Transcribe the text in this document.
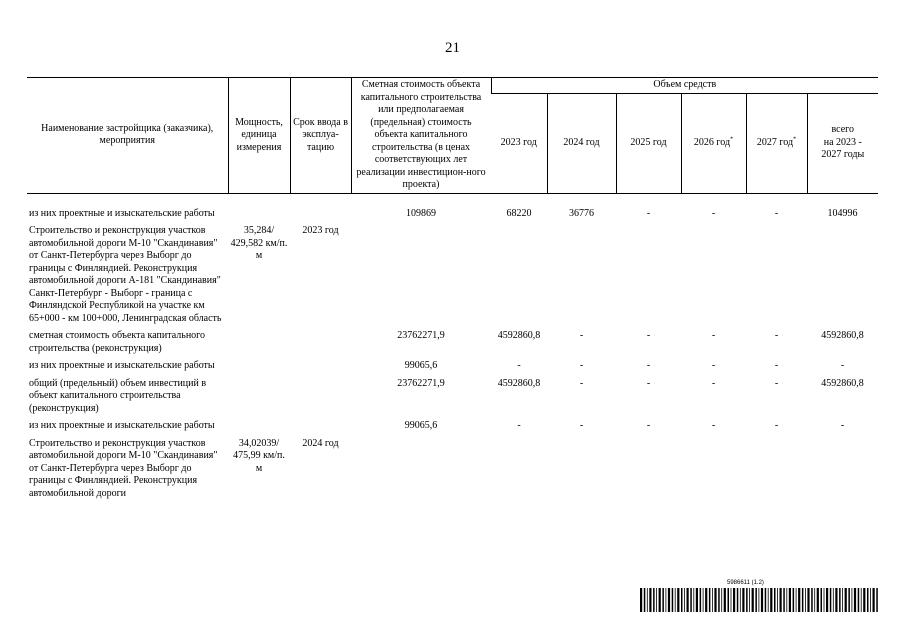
21
Наименование застройщика (заказчика), мероприятия	Мощность, единица измерения	Срок ввода в эксплуа-тацию	Сметная стоимость объекта капитального строительства или предполагаемая (предельная) стоимость объекта капитального строительства (в ценах соответствующих лет реализации инвестицион-ного проекта)	Объем средств					
				2023 год	2024 год	2025 год	2026 год*	2027 год*	всего
на 2023 -
2027 годы

из них проектные и изыскательские работы			109869	68220	36776	-	-	-	104996
Строительство и реконструкция участков автомобильной дороги М-10 "Скандинавия" от Санкт-Петербурга через Выборг до границы с Финляндией. Реконструкция автомобильной дороги А-181 "Скандинавия" Санкт-Петербург - Выборг - граница с Финляндской Республикой на участке км 65+000 - км 100+000, Ленинградская область	35,284/ 429,582 км/п. м	2023 год							
сметная стоимость объекта капитального строительства (реконструкция)			23762271,9	4592860,8	-	-	-	-	4592860,8
из них проектные и изыскательские работы			99065,6	-	-	-	-	-	-
общий (предельный) объем инвестиций в объект капитального строительства (реконструкция)			23762271,9	4592860,8	-	-	-	-	4592860,8
из них проектные и изыскательские работы			99065,6	-	-	-	-	-	-
Строительство и реконструкция участков автомобильной дороги М-10 "Скандинавия" от Санкт-Петербурга через Выборг до границы с Финляндией. Реконструкция автомобильной дороги	34,02039/ 475,99 км/п. м	2024 год							
5986611 (1.2)
